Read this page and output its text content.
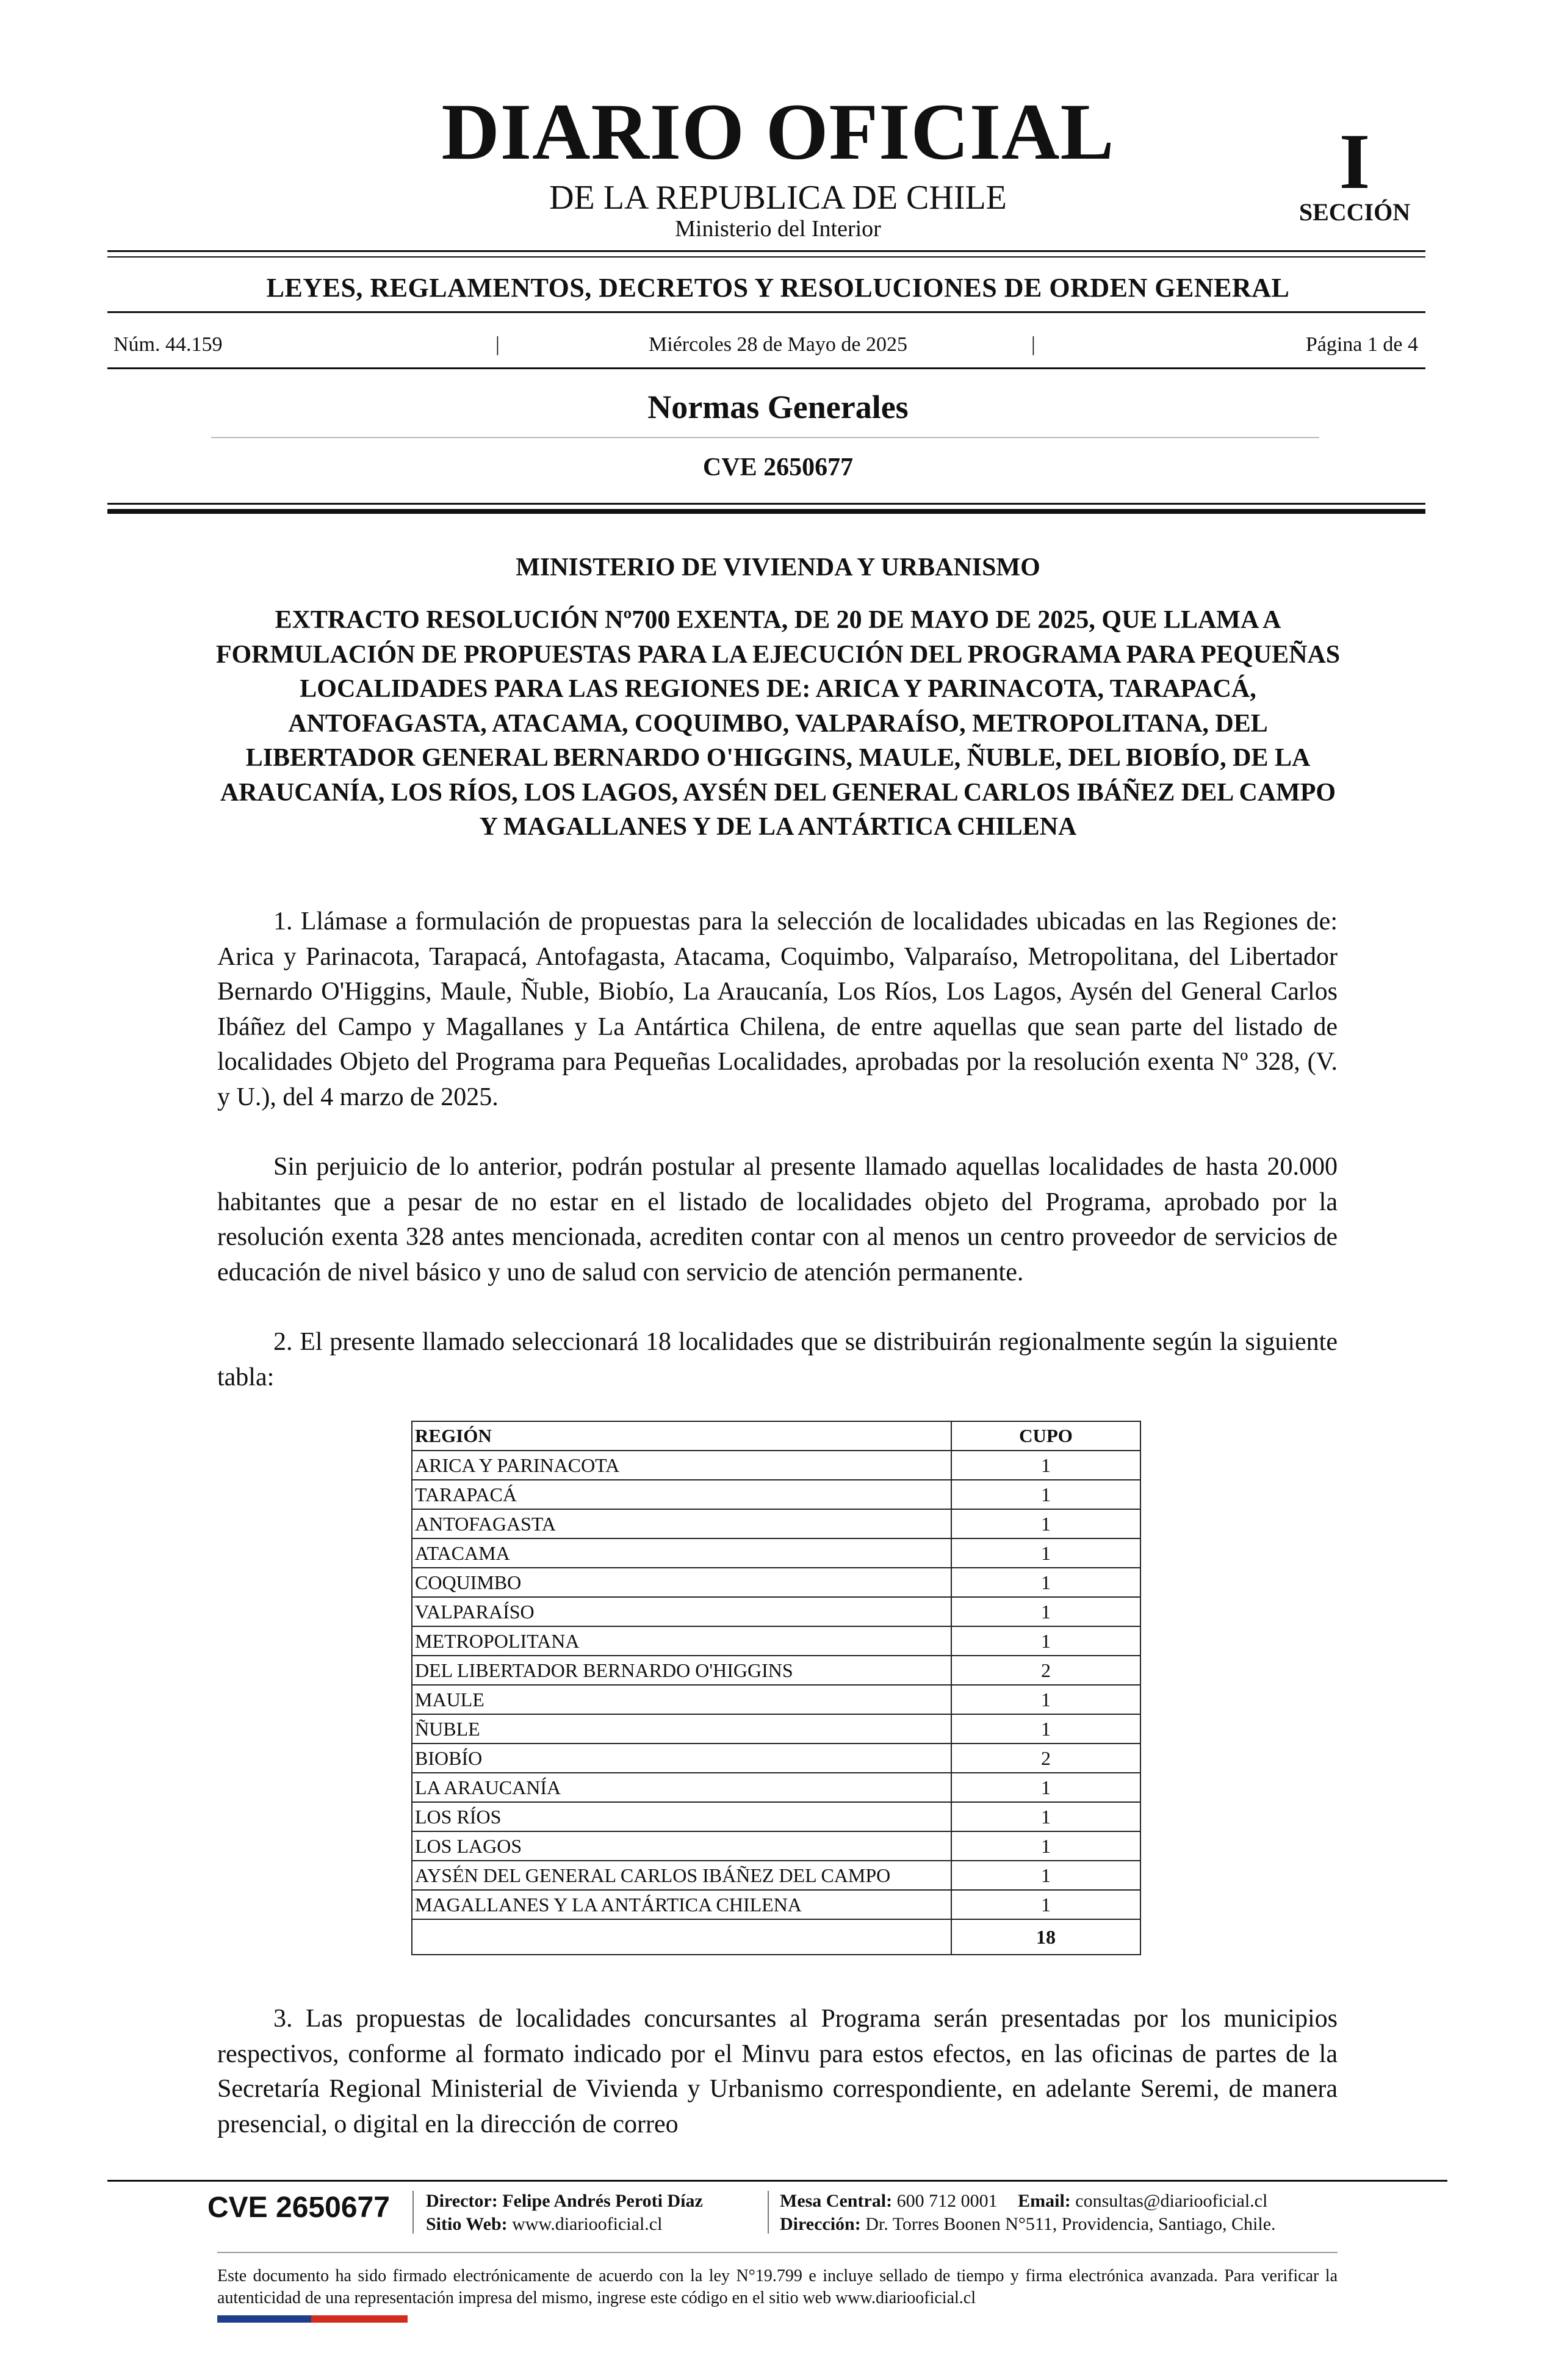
DIARIO OFICIAL
DE LA REPUBLICA DE CHILE
Ministerio del Interior
I
SECCIÓN
LEYES, REGLAMENTOS, DECRETOS Y RESOLUCIONES DE ORDEN GENERAL
Núm. 44.159	|	Miércoles 28 de Mayo de 2025	|	Página 1 de 4
Normas Generales
CVE 2650677
MINISTERIO DE VIVIENDA Y URBANISMO
EXTRACTO RESOLUCIÓN Nº700 EXENTA, DE 20 DE MAYO DE 2025, QUE LLAMA A FORMULACIÓN DE PROPUESTAS PARA LA EJECUCIÓN DEL PROGRAMA PARA PEQUEÑAS LOCALIDADES PARA LAS REGIONES DE: ARICA Y PARINACOTA, TARAPACÁ, ANTOFAGASTA, ATACAMA, COQUIMBO, VALPARAÍSO, METROPOLITANA, DEL LIBERTADOR GENERAL BERNARDO O'HIGGINS, MAULE, ÑUBLE, DEL BIOBÍO, DE LA ARAUCANÍA, LOS RÍOS, LOS LAGOS, AYSÉN DEL GENERAL CARLOS IBÁÑEZ DEL CAMPO Y MAGALLANES Y DE LA ANTÁRTICA CHILENA

1. Llámase a formulación de propuestas para la selección de localidades ubicadas en las Regiones de: Arica y Parinacota, Tarapacá, Antofagasta, Atacama, Coquimbo, Valparaíso, Metropolitana, del Libertador Bernardo O'Higgins, Maule, Ñuble, Biobío, La Araucanía, Los Ríos, Los Lagos, Aysén del General Carlos Ibáñez del Campo y Magallanes y La Antártica Chilena, de entre aquellas que sean parte del listado de localidades Objeto del Programa para Pequeñas Localidades, aprobadas por la resolución exenta Nº 328, (V. y U.), del 4 marzo de 2025.

Sin perjuicio de lo anterior, podrán postular al presente llamado aquellas localidades de hasta 20.000 habitantes que a pesar de no estar en el listado de localidades objeto del Programa, aprobado por la resolución exenta 328 antes mencionada, acrediten contar con al menos un centro proveedor de servicios de educación de nivel básico y uno de salud con servicio de atención permanente.

2. El presente llamado seleccionará 18 localidades que se distribuirán regionalmente según la siguiente tabla:

REGIÓN	CUPO
ARICA Y PARINACOTA	1
TARAPACÁ	1
ANTOFAGASTA	1
ATACAMA	1
COQUIMBO	1
VALPARAÍSO	1
METROPOLITANA	1
DEL LIBERTADOR BERNARDO O'HIGGINS	2
MAULE	1
ÑUBLE	1
BIOBÍO	2
LA ARAUCANÍA	1
LOS RÍOS	1
LOS LAGOS	1
AYSÉN DEL GENERAL CARLOS IBÁÑEZ DEL CAMPO	1
MAGALLANES Y LA ANTÁRTICA CHILENA	1
	18

3. Las propuestas de localidades concursantes al Programa serán presentadas por los municipios respectivos, conforme al formato indicado por el Minvu para estos efectos, en las oficinas de partes de la Secretaría Regional Ministerial de Vivienda y Urbanismo correspondiente, en adelante Seremi, de manera presencial, o digital en la dirección de correo

CVE 2650677 Director: Felipe Andrés Peroti Díaz
Sitio Web: www.diariooficial.cl
Mesa Central: 600 712 0001 Email: consultas@diariooficial.cl
Dirección: Dr. Torres Boonen N°511, Providencia, Santiago, Chile.
Este documento ha sido firmado electrónicamente de acuerdo con la ley N°19.799 e incluye sellado de tiempo y firma electrónica avanzada. Para verificar la autenticidad de una representación impresa del mismo, ingrese este código en el sitio web www.diariooficial.cl
